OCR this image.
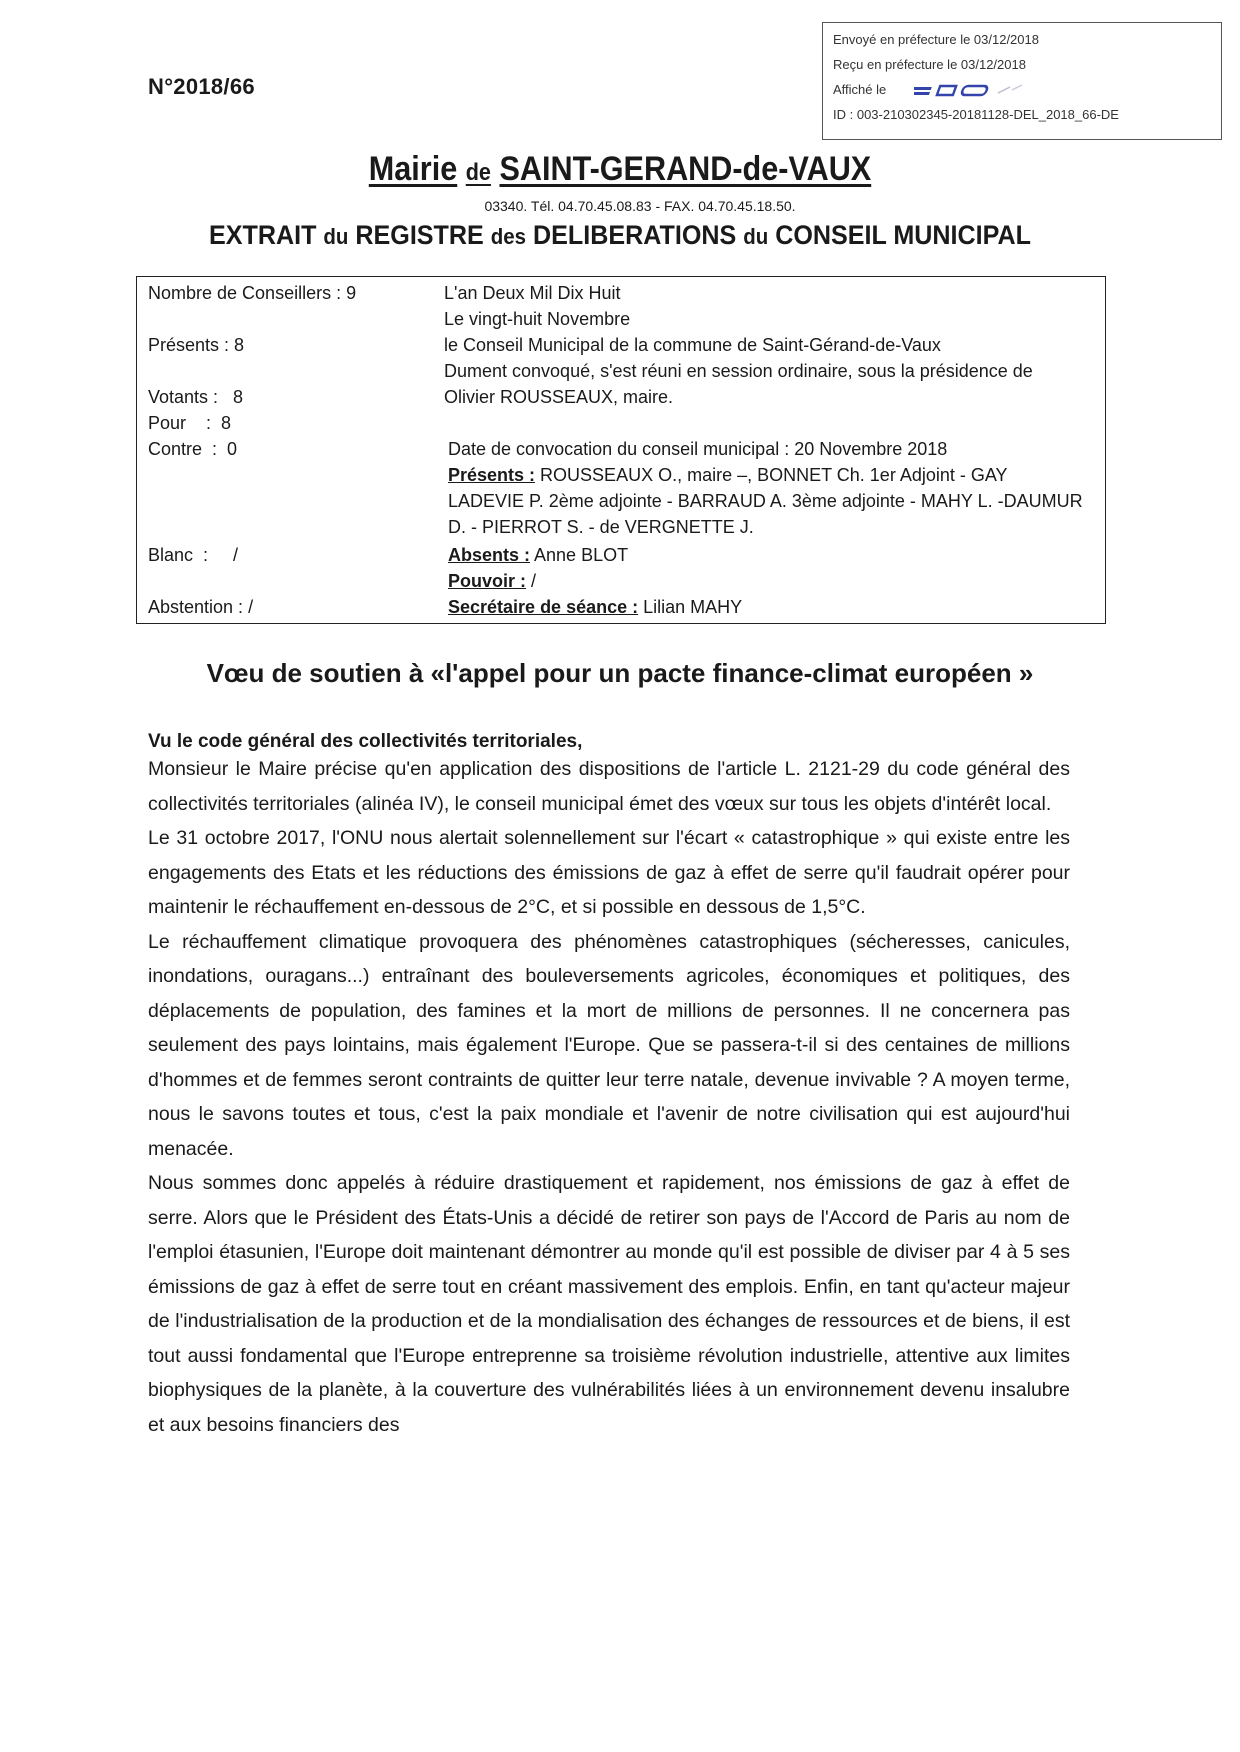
Envoyé en préfecture le 03/12/2018
Reçu en préfecture le 03/12/2018
Affiché le
ID : 003-210302345-20181128-DEL_2018_66-DE
N°2018/66
Mairie de SAINT-GERAND-de-VAUX
03340. Tél. 04.70.45.08.83 - FAX. 04.70.45.18.50.
EXTRAIT du REGISTRE des DELIBERATIONS du CONSEIL MUNICIPAL
Nombre de Conseillers : 9
Présents : 8
Votants :   8
Pour    :  8
Contre  :  0
Blanc  :     /
Abstention : /
L'an Deux Mil Dix Huit
Le vingt-huit Novembre
le Conseil Municipal de la commune de Saint-Gérand-de-Vaux
Dument convoqué, s'est réuni en session ordinaire, sous la présidence de
Olivier ROUSSEAUX, maire.
Date de convocation du conseil municipal : 20 Novembre 2018
Présents : ROUSSEAUX O., maire –, BONNET Ch. 1er Adjoint - GAY
LADEVIE P. 2ème adjointe - BARRAUD A. 3ème adjointe - MAHY L. -DAUMUR
D. - PIERROT S. - de VERGNETTE J.
Absents : Anne BLOT
Pouvoir : /
Secrétaire de séance : Lilian MAHY
Vœu de soutien à «l'appel pour un pacte finance-climat européen »
Vu le code général des collectivités territoriales,

Monsieur le Maire précise qu'en application des dispositions de l'article L. 2121-29 du code général des collectivités territoriales (alinéa IV), le conseil municipal émet des vœux sur tous les objets d'intérêt local.

Le 31 octobre 2017, l'ONU nous alertait solennellement sur l'écart « catastrophique » qui existe entre les engagements des Etats et les réductions des émissions de gaz à effet de serre qu'il faudrait opérer pour maintenir le réchauffement en-dessous de 2°C, et si possible en dessous de 1,5°C.

Le réchauffement climatique provoquera des phénomènes catastrophiques (sécheresses, canicules, inondations, ouragans...) entraînant des bouleversements agricoles, économiques et politiques, des déplacements de population, des famines et la mort de millions de personnes. Il ne concernera pas seulement des pays lointains, mais également l'Europe. Que se passera-t-il si des centaines de millions d'hommes et de femmes seront contraints de quitter leur terre natale, devenue invivable ? A moyen terme, nous le savons toutes et tous, c'est la paix mondiale et l'avenir de notre civilisation qui est aujourd'hui menacée.

Nous sommes donc appelés à réduire drastiquement et rapidement, nos émissions de gaz à effet de serre. Alors que le Président des États-Unis a décidé de retirer son pays de l'Accord de Paris au nom de l'emploi étasunien, l'Europe doit maintenant démontrer au monde qu'il est possible de diviser par 4 à 5 ses émissions de gaz à effet de serre tout en créant massivement des emplois. Enfin, en tant qu'acteur majeur de l'industrialisation de la production et de la mondialisation des échanges de ressources et de biens, il est tout aussi fondamental que l'Europe entreprenne sa troisième révolution industrielle, attentive aux limites biophysiques de la planète, à la couverture des vulnérabilités liées à un environnement devenu insalubre et aux besoins financiers des
